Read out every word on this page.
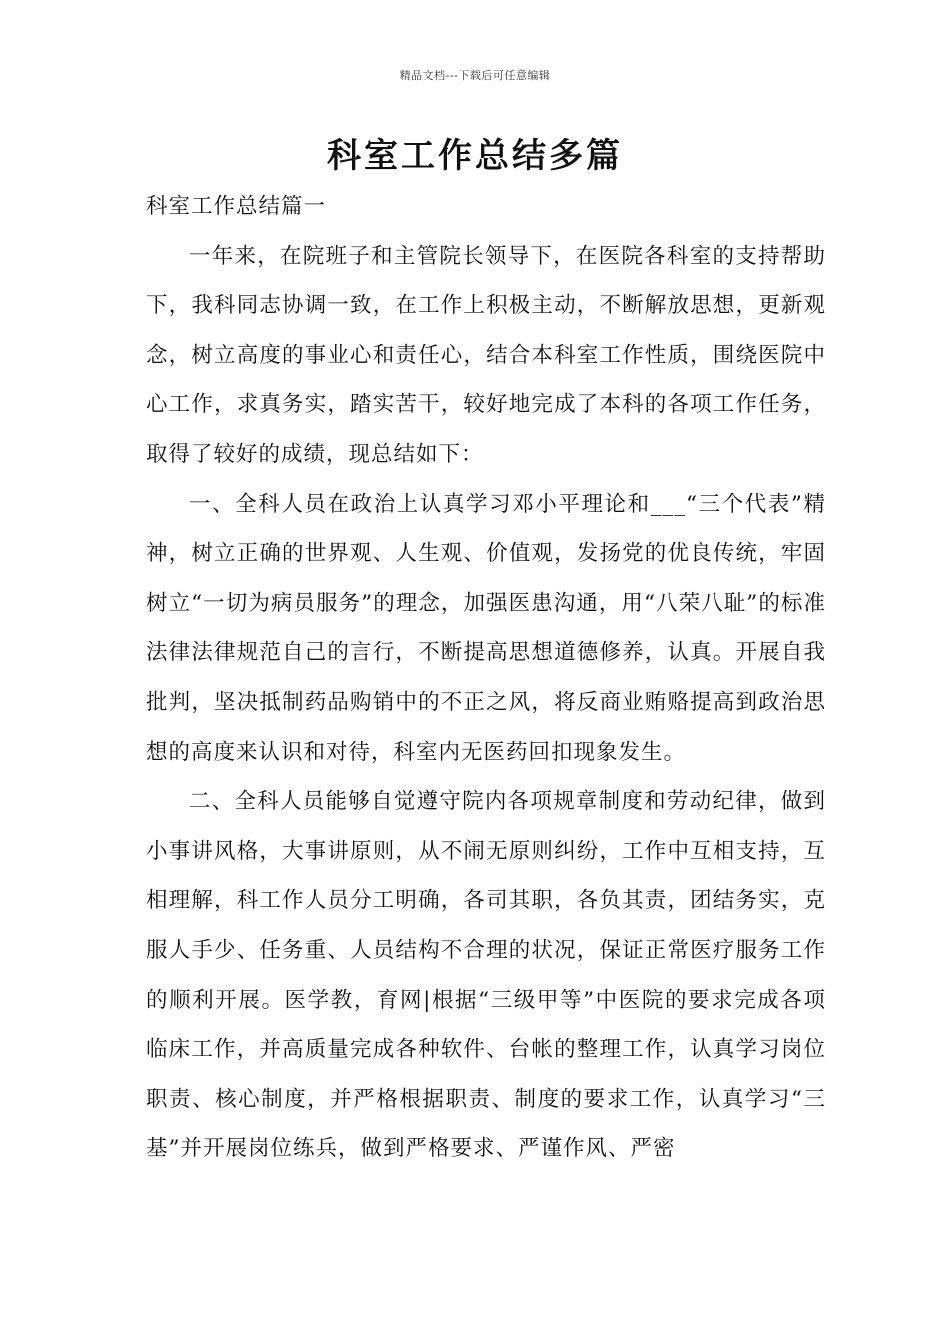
精品文档---下载后可任意编辑
科室工作总结多篇

科室工作总结篇一

一年来，在院班子和主管院长领导下，在医院各科室的支持帮助下，我科同志协调一致，在工作上积极主动，不断解放思想，更新观念，树立高度的事业心和责任心，结合本科室工作性质，围绕医院中心工作，求真务实，踏实苦干，较好地完成了本科的各项工作任务，取得了较好的成绩，现总结如下：

一、全科人员在政治上认真学习邓小平理论和___“三个代表”精神，树立正确的世界观、人生观、价值观，发扬党的优良传统，牢固树立“一切为病员服务”的理念，加强医患沟通，用“八荣八耻”的标准法律法律规范自己的言行，不断提高思想道德修养，认真。开展自我批判，坚决抵制药品购销中的不正之风，将反商业贿赂提高到政治思想的高度来认识和对待，科室内无医药回扣现象发生。

二、全科人员能够自觉遵守院内各项规章制度和劳动纪律，做到小事讲风格，大事讲原则，从不闹无原则纠纷，工作中互相支持，互相理解，科工作人员分工明确，各司其职，各负其责，团结务实，克服人手少、任务重、人员结构不合理的状况，保证正常医疗服务工作的顺利开展。医学教，育网|根据“三级甲等”中医院的要求完成各项临床工作，并高质量完成各种软件、台帐的整理工作，认真学习岗位职责、核心制度，并严格根据职责、制度的要求工作，认真学习“三基”并开展岗位练兵，做到严格要求、严谨作风、严密
